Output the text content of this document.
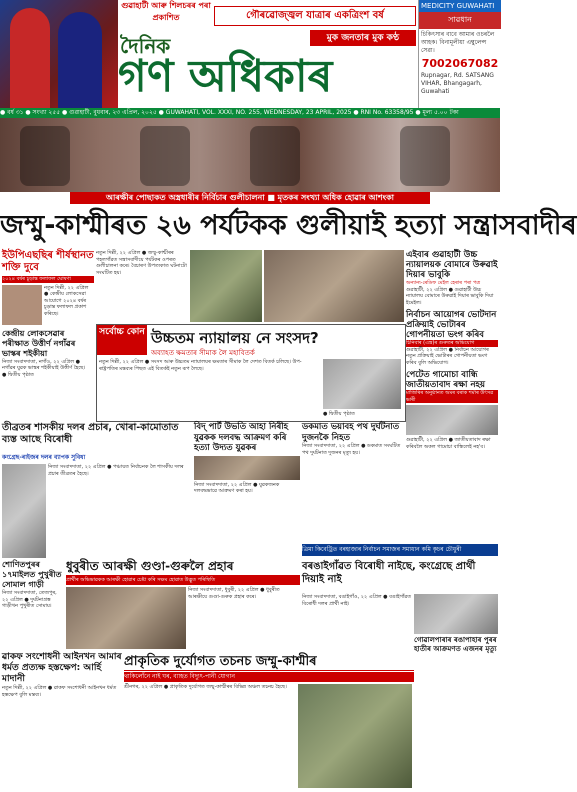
গুৱাহাটী আৰু শিলচৰৰ পৰা প্ৰকাশিত	গৌৰৱোজ্জ্বল যাত্ৰাৰ একত্ৰিংশ বৰ্ষ
দৈনিক	মুক জনতাৰ মুক কণ্ঠ
গণ অধিকাৰ
MEDICITY GUWAHATI
সাৱধান
চিকিৎসাৰ বাবে আমাৰ ওচৰলৈ আহক। বিনামূলীয়া এম্বুলেন্স সেৱা।
7002067082
Rupnagar, Rd. SATSANG VIHAR, Bhangagarh, Guwahati
● বৰ্ষ ৩১ ● সংখ্যা ২৫৫ ● গুৱাহাটী, বুধবাৰ, ২৩ এপ্ৰিল, ২০২৫ ● GUWAHATI, VOL. XXXI, NO. 255, WEDNESDAY, 23 APRIL, 2025 ● RNI No. 63358/95 ● মূল্য ৫.০০ টকা
আৰক্ষীৰ পোছাকত অস্ত্ৰধাৰীৰ নিৰ্বিচাৰ গুলীচালনা ■ মৃতকৰ সংখ্যা অধিক হোৱাৰ আশংকা
জম্মু-কাশ্মীৰত ২৬ পৰ্যটকক গুলীয়াই হত্যা সন্ত্ৰাসবাদীৰ
ইউপিএছছিৰ শীৰ্ষস্থানত শক্তি দুবে
২০২৪ বৰ্ষৰ চূড়ান্ত ফলাফল ঘোষণা
নতুন দিল্লী, ২২ এপ্ৰিল ● কেন্দ্ৰীয় লোকসেৱা আয়োগে ২০২৪ বৰ্ষৰ চূড়ান্ত ফলাফল প্ৰকাশ কৰিছে।
কেন্দ্ৰীয় লোকসেৱাৰ পৰীক্ষাত উত্তীৰ্ণ নগাঁৱৰ ভাস্কৰ শইকীয়া
নিজা সংবাদদাতা, নগাঁও, ২২ এপ্ৰিল ● নগাঁৱৰ যুৱক ভাস্কৰ শইকীয়াই উত্তীৰ্ণ হৈছে।
● দ্বিতীয় পৃষ্ঠাত
নতুন দিল্লী, ২২ এপ্ৰিল ● জম্মু-কাশ্মীৰৰ পহলগাঁৱত সন্ত্ৰাসবাদীয়ে পৰ্যটকৰ ওপৰত গুলীচালনা কৰে। বৈচাৰণ উপত্যকাত ঘটনাটো সংঘটিত হয়।
এইবাৰ গুৱাহাটী উচ্চ ন্যায়ালয়ক বোমাৰে উৰুৱাই দিয়াৰ ভাবুকি
অন্যান্য-ৰেডিফ মেইল হেৰাৰ পৰা পত্ৰ
গুৱাহাটী, ২২ এপ্ৰিল ● গুৱাহাটী উচ্চ ন্যায়ালয় বোমাৰে উৰুৱাই দিয়াৰ ভাবুকি দিয়া ইমেইল।
নিৰ্বাচন আয়োগৰ ভোটদান প্ৰক্ৰিয়াই ভোটাৰৰ গোপনীয়তা ভংগ কৰিব
চিনিবাৰ (এন্ত্ৰ)ৰ গুৰুতৰ অভিযোগ
গুৱাহাটী, ২২ এপ্ৰিল ● নিৰ্বাচন আয়োগৰ নতুন প্ৰক্ৰিয়াই ভোটাৰৰ গোপনীয়তা ভংগ কৰিব বুলি অভিযোগ।
পেটেত গামোচা বান্ধি জাতীয়তাবাদ ৰক্ষা নহয়
মাজিৰিৰ অনুষ্ঠানত অমৰ বৰাক শৰ্মাৰ উৎসৱ ভাৰী
গুৱাহাটী, ২২ এপ্ৰিল ● জাতীয়তাবাদ ৰক্ষা কৰিবলৈ অকল গামোচা বান্ধিলেই নহ'ব।
সৰ্বোচ্চ কোন উচ্চতম ন্যায়ালয় নে সংসদ?
অব্যাহত ক্ষমতাৰ সীমাক লৈ মহাবিতৰ্ক
নতুন দিল্লী, ২২ এপ্ৰিল ● সংসদ আৰু উচ্চতম ন্যায়ালয়ৰ ক্ষমতাৰ সীমাক লৈ দেশত বিতৰ্ক চলিছে। উপ-ৰাষ্ট্ৰপতিৰ মন্তব্যৰ পিছত এই বিতৰ্কই নতুন ৰূপ লৈছে।
● দ্বিতীয় পৃষ্ঠাত
তীব্ৰতৰ শাসকীয় দলৰ প্ৰচাৰ, খোৰা-কামোতাত ব্যস্ত আছে বিৰোধী
কংগ্ৰেছ-ৰাইজৰ দলৰ ব্যাপক সুবিধা
নিজা সংবাদদাতা, ২২ এপ্ৰিল ● পঞ্চায়ত নিৰ্বাচনক লৈ শাসকীয় দলৰ প্ৰচাৰ তীব্ৰতৰ হৈছে।
শোণিতপুৰৰ ১৭মাইলত পুখুৰীত সোমাল গাড়ী
নিজা সংবাদদাতা, তেজপুৰ, ২২ এপ্ৰিল ● দুৰ্ঘটনাগ্ৰস্ত গাড়ীখন পুখুৰীত সোমায়।
বিদ্ পাৰ্ট উভতি আহা নিৰীহ যুৱকক দলবদ্ধ আক্ৰমণ কৰি হত্যা উদ্যত যুৱকৰ
নিজা সংবাদদাতা, ২২ এপ্ৰিল ● যুৱকজনক দলবদ্ধভাৱে আক্ৰমণ কৰা হয়।
ডকমাত ভয়াবহ পথ দুৰ্ঘটনাত দুজনকৈ নিহত
নিজা সংবাদদাতা, ২২ এপ্ৰিল ● ডকমাত সংঘটিত পথ দুৰ্ঘটনাত দুজনৰ মৃত্যু হয়।
ত্ৰিমা কিবেট্ৰিত বৰহাজাৰ নিৰ্বাচন সমাজৰ সমাধান কমি কৃচৰ চৌধুৰী
ধুবুৰীত আৰক্ষী গুণ্ডা-গুৰুলৈ প্ৰহাৰ
প্ৰাৰ্থীৰ অভিভাৱকক আৰক্ষী হোৱাৰ চেষ্টা কৰি সক্ষম হোৱাত উদ্ভূত পৰিস্থিতি
নিজা সংবাদদাতা, ধুবুৰী, ২২ এপ্ৰিল ● ধুবুৰীত আৰক্ষীয়ে গুণ্ডা-গুৰুক প্ৰহাৰ কৰে।
বৰঙাইগাঁৱত বিৰোধী নাইছে, কংগ্ৰেছে প্ৰাৰ্থী দিয়াই নাই
নিজা সংবাদদাতা, বঙাইগাঁও, ২২ এপ্ৰিল ● বঙাইগাঁৱত বিৰোধী দলৰ প্ৰাৰ্থী নাই।
গোৱালপাৰাৰ ৰঙাপাহাৰ পুৰৰ হাতীৰ আক্ৰমণত এজনৰ মৃত্যু
ৱাকফ সংশোধনী আইনখন আমাৰ ধৰ্মত প্ৰত্যক্ষ হস্তক্ষেপ: আৰ্হি মাদানী
নতুন দিল্লী, ২২ এপ্ৰিল ● ৱাকফ সংশোধনী আইনখন ধৰ্মত হস্তক্ষেপ বুলি মন্তব্য।
প্ৰাকৃতিক দুৰ্যোগত তচনচ জম্মু-কাশ্মীৰ
থাকিলোঁনে নাই ঘৰ, ব্যাহত বিদ্যুৎ-পানী যোগান
শ্ৰীনগৰ, ২২ এপ্ৰিল ● প্ৰাকৃতিক দুৰ্যোগত জম্মু-কাশ্মীৰৰ বিভিন্ন অঞ্চল তচনচ হৈছে।
